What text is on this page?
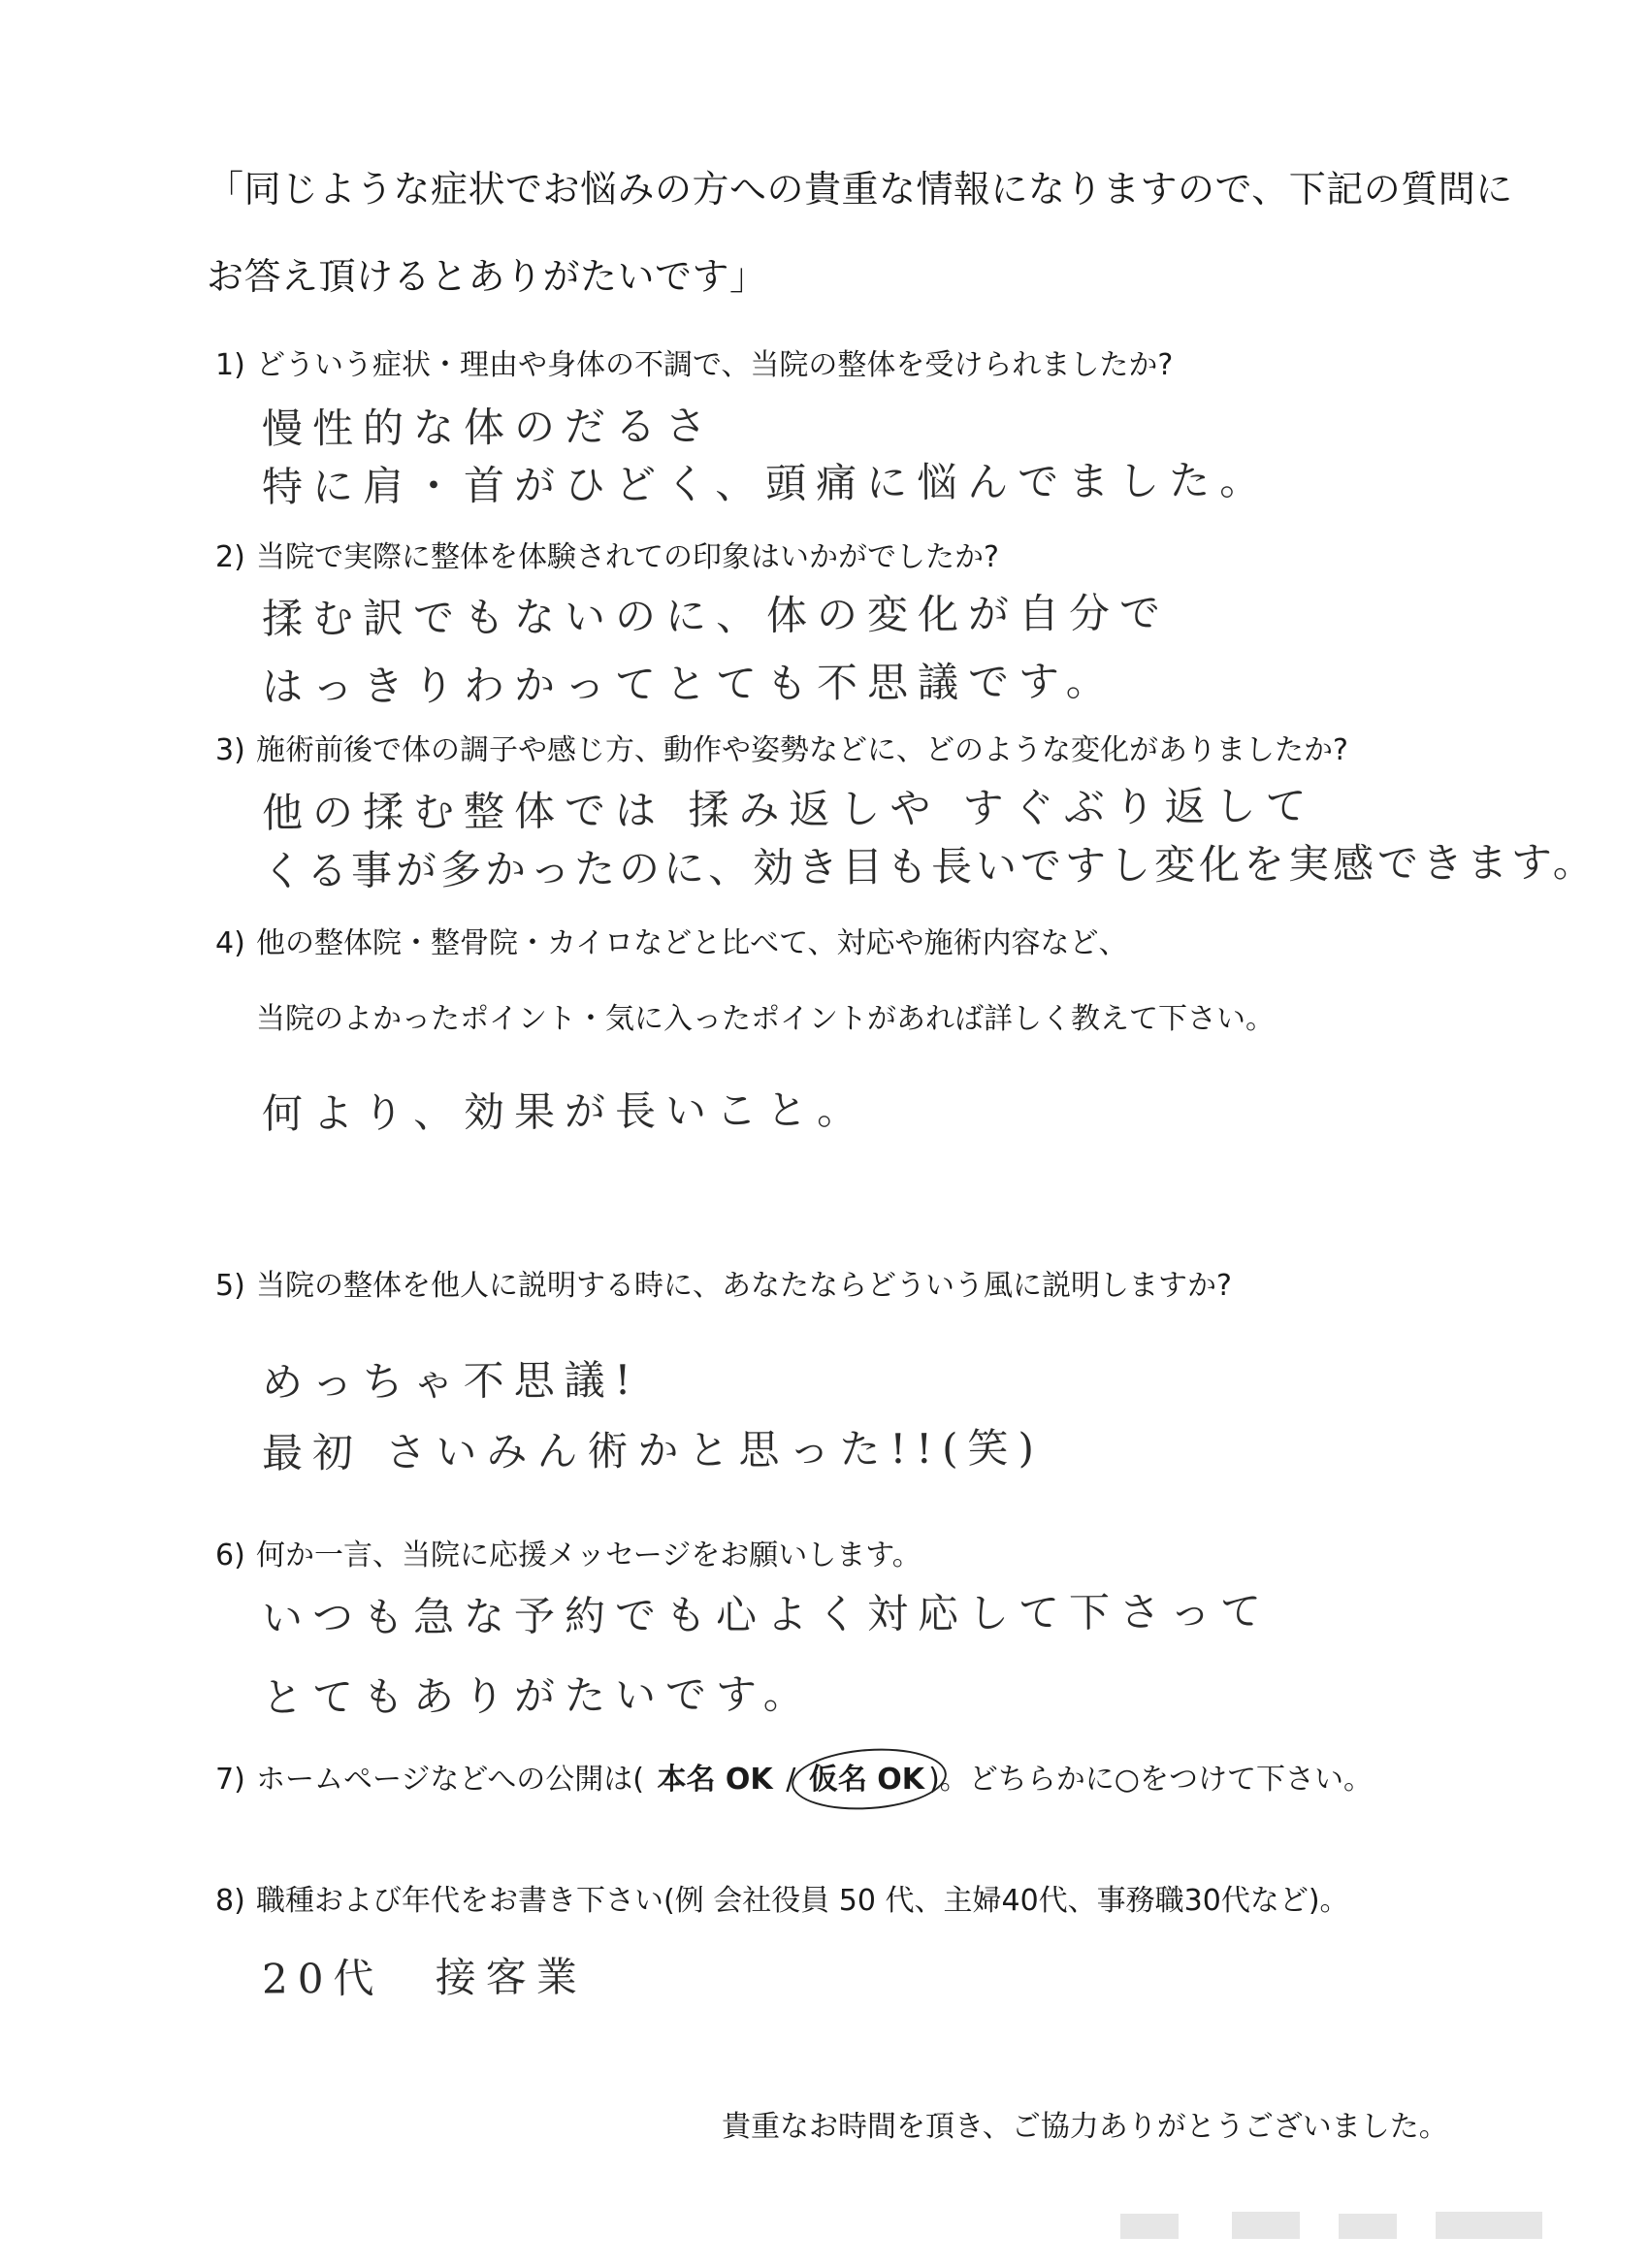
「同じような症状でお悩みの方への貴重な情報になりますので、下記の質問に
お答え頂けるとありがたいです」
1) どういう症状・理由や身体の不調で、当院の整体を受けられましたか?
慢性的な体のだるさ
特に肩・首がひどく、頭痛に悩んでました。
2) 当院で実際に整体を体験されての印象はいかがでしたか?
揉む訳でもないのに、体の変化が自分で
はっきりわかってとても不思議です。
3) 施術前後で体の調子や感じ方、動作や姿勢などに、どのような変化がありましたか?
他の揉む整体では 揉み返しや すぐぶり返して
くる事が多かったのに、効き目も長いですし変化を実感できます。
4) 他の整体院・整骨院・カイロなどと比べて、対応や施術内容など、
当院のよかったポイント・気に入ったポイントがあれば詳しく教えて下さい。
何より、効果が長いこと。
5) 当院の整体を他人に説明する時に、あなたならどういう風に説明しますか?
めっちゃ不思議!
最初 さいみん術かと思った!!(笑)
6) 何か一言、当院に応援メッセージをお願いします。
いつも急な予約でも心よく対応して下さって
とてもありがたいです。
7) ホームページなどへの公開は( 本名 OK / 仮名 OK )。どちらかに○をつけて下さい。
8) 職種および年代をお書き下さい(例 会社役員 50 代、主婦40代、事務職30代など)。
20代 接客業
貴重なお時間を頂き、ご協力ありがとうございました。
